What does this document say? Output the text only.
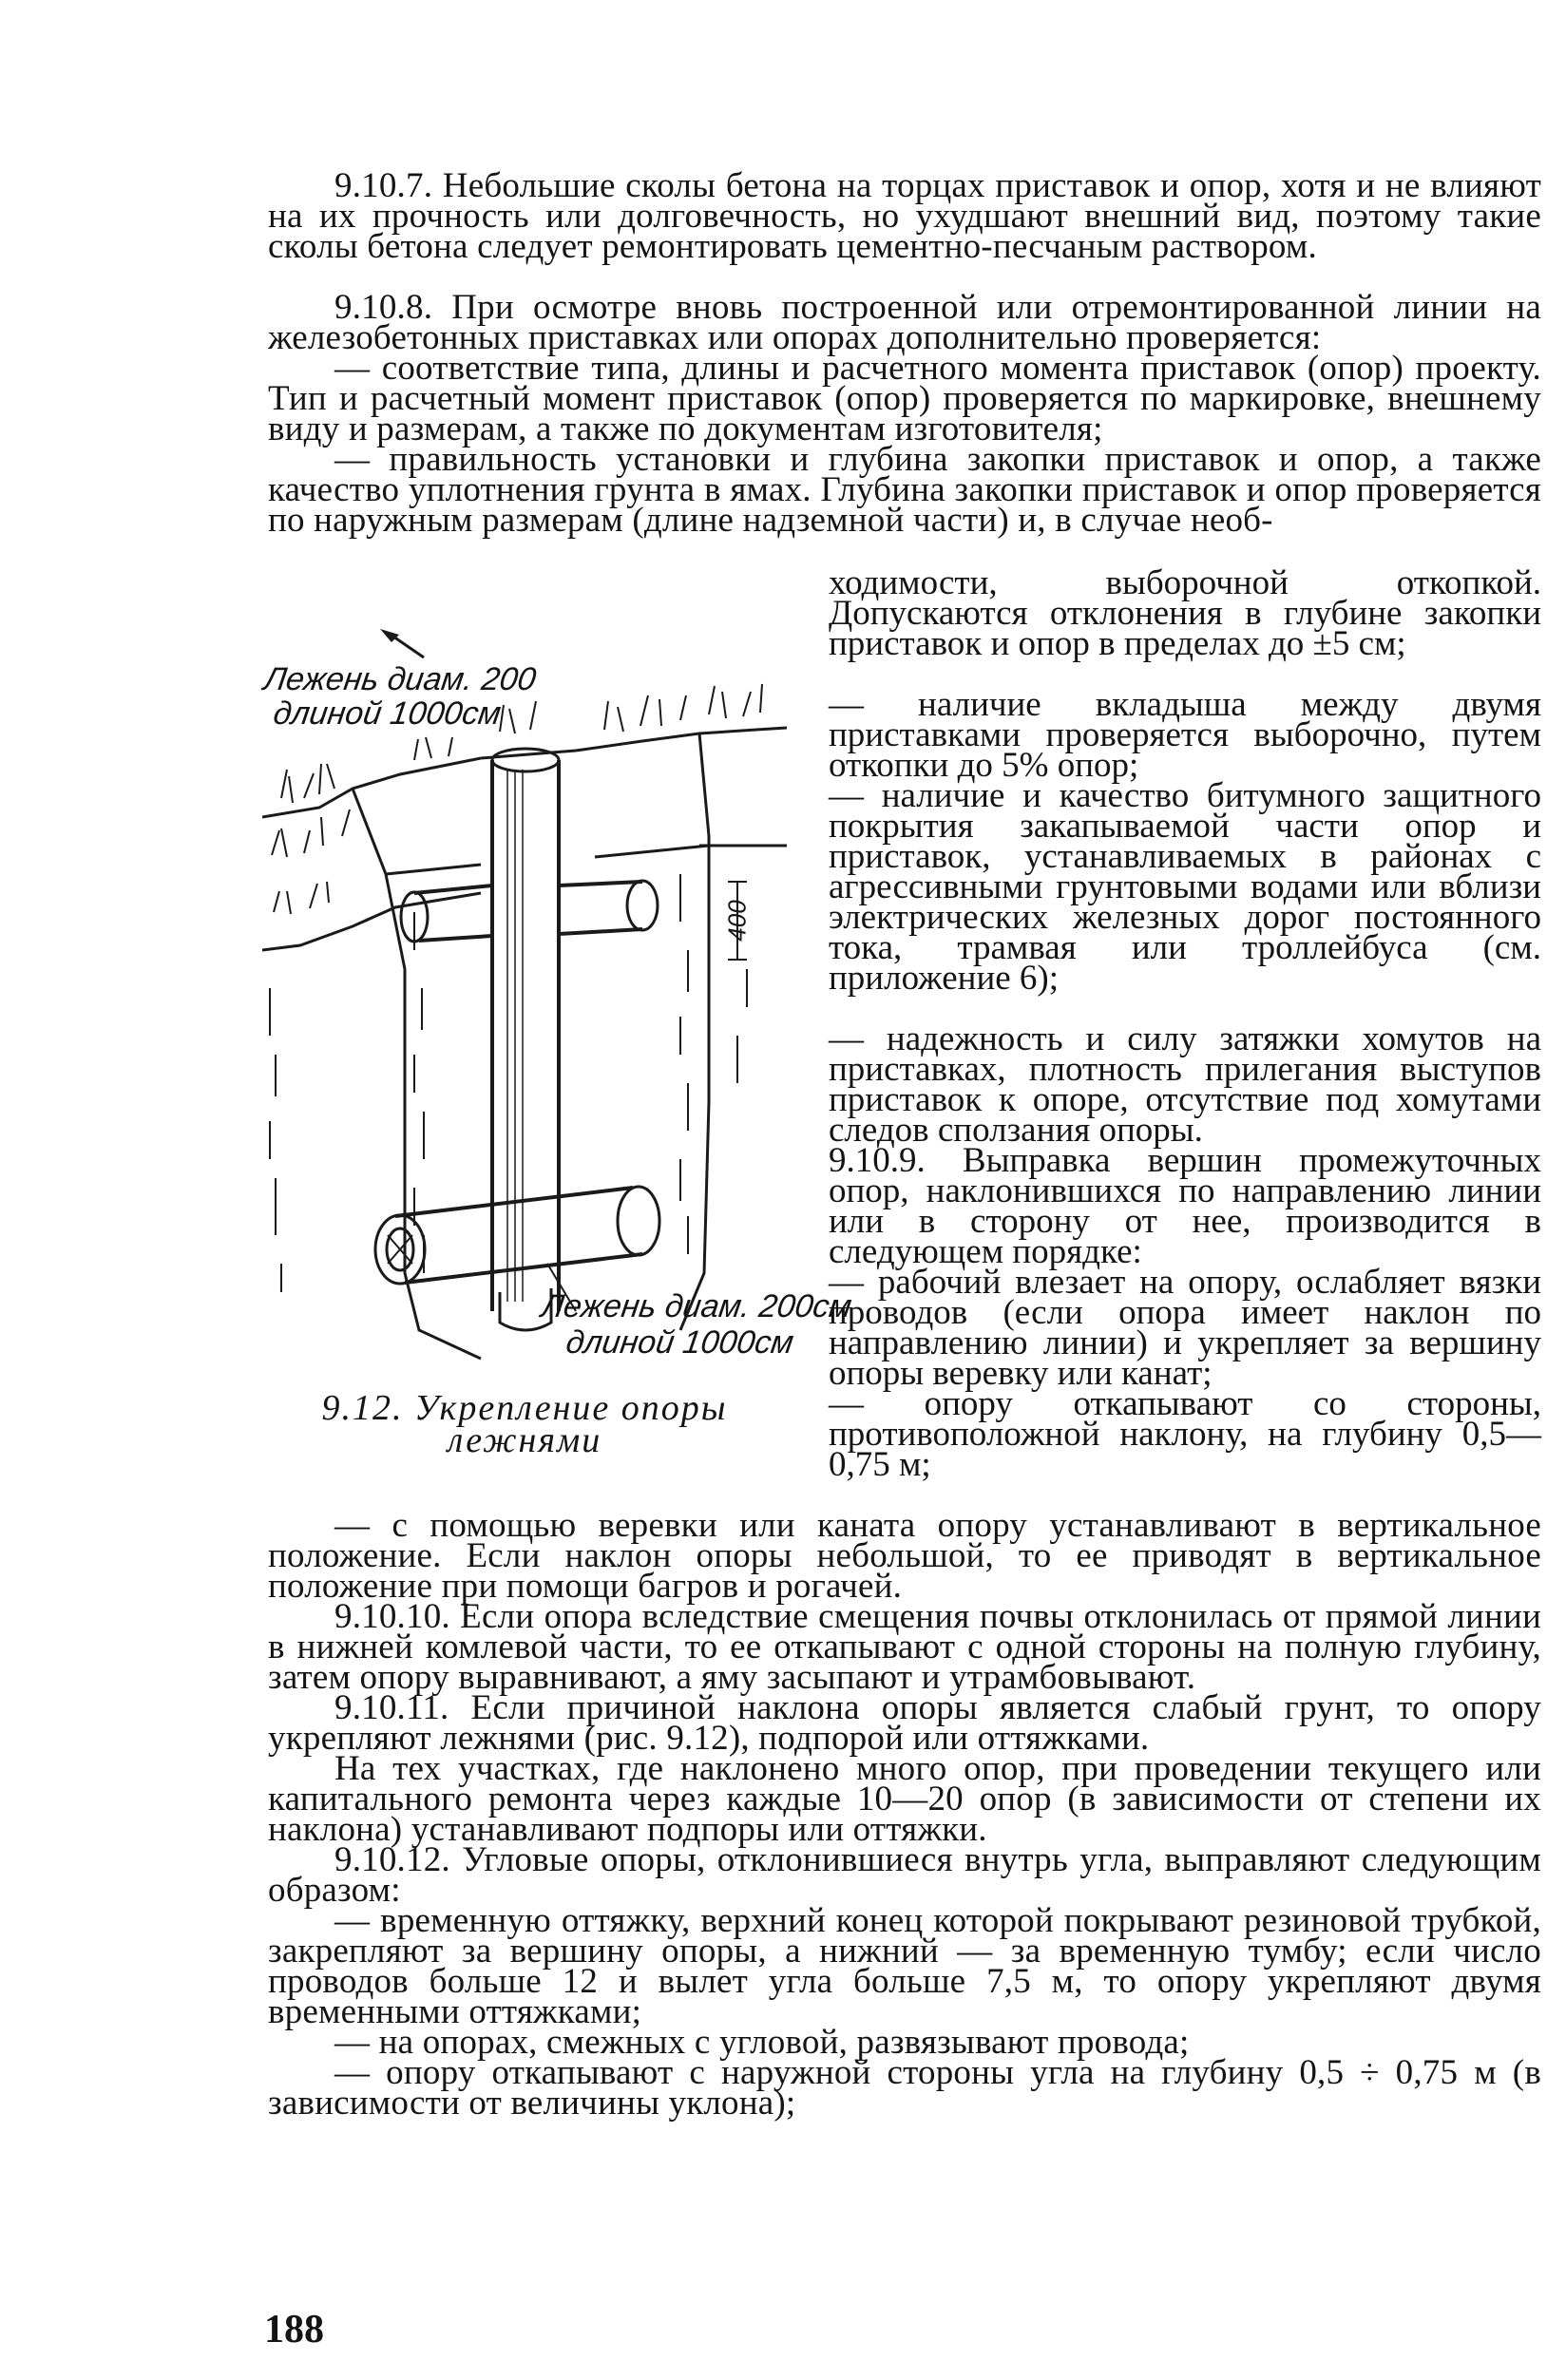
9.10.7. Небольшие сколы бетона на торцах приставок и опор, хотя и не влияют на их прочность или долговечность, но ухудшают внешний вид, поэтому такие сколы бетона следует ремонтировать цементно-песчаным раствором.

9.10.8. При осмотре вновь построенной или отремонтированной линии на железобетонных приставках или опорах дополнительно проверяется:

— соответствие типа, длины и расчетного момента приставок (опор) проекту. Тип и расчетный момент приставок (опор) проверяется по маркировке, внешнему виду и размерам, а также по документам изготовителя;

— правильность установки и глубина закопки приставок и опор, а также качество уплотнения грунта в ямах. Глубина закопки приставок и опор проверяется по наружным размерам (длине надземной части) и, в случае необ-

Лежень диам. 200
длиной 1000см
Лежень диам. 200см
длиной 1000см
400
9.12. Укрепление опоры лежнями

ходимости, выборочной откопкой. Допускаются отклонения в глубине закопки приставок и опор в пределах до ±5 см;

— наличие вкладыша между двумя приставками проверяется выборочно, путем откопки до 5% опор;

— наличие и качество битумного защитного покрытия закапываемой части опор и приставок, устанавливаемых в районах с агрессивными грунтовыми водами или вблизи электрических железных дорог постоянного тока, трамвая или троллейбуса (см. приложение 6);

— надежность и силу затяжки хомутов на приставках, плотность прилегания выступов приставок к опоре, отсутствие под хомутами следов сползания опоры.

9.10.9. Выправка вершин промежуточных опор, наклонившихся по направлению линии или в сторону от нее, производится в следующем порядке:

— рабочий влезает на опору, ослабляет вязки проводов (если опора имеет наклон по направлению линии) и укрепляет за вершину опоры веревку или канат;

— опору откапывают со стороны, противоположной наклону, на глубину 0,5—0,75 м;

— с помощью веревки или каната опору устанавливают в вертикальное положение. Если наклон опоры небольшой, то ее приводят в вертикальное положение при помощи багров и рогачей.

9.10.10. Если опора вследствие смещения почвы отклонилась от прямой линии в нижней комлевой части, то ее откапывают с одной стороны на полную глубину, затем опору выравнивают, а яму засыпают и утрамбовывают.

9.10.11. Если причиной наклона опоры является слабый грунт, то опору укрепляют лежнями (рис. 9.12), подпорой или оттяжками.

На тех участках, где наклонено много опор, при проведении текущего или капитального ремонта через каждые 10—20 опор (в зависимости от степени их наклона) устанавливают подпоры или оттяжки.

9.10.12. Угловые опоры, отклонившиеся внутрь угла, выправляют следующим образом:

— временную оттяжку, верхний конец которой покрывают резиновой трубкой, закрепляют за вершину опоры, а нижний — за временную тумбу; если число проводов больше 12 и вылет угла больше 7,5 м, то опору укрепляют двумя временными оттяжками;

— на опорах, смежных с угловой, развязывают провода;

— опору откапывают с наружной стороны угла на глубину 0,5 ÷ 0,75 м (в зависимости от величины уклона);

188
